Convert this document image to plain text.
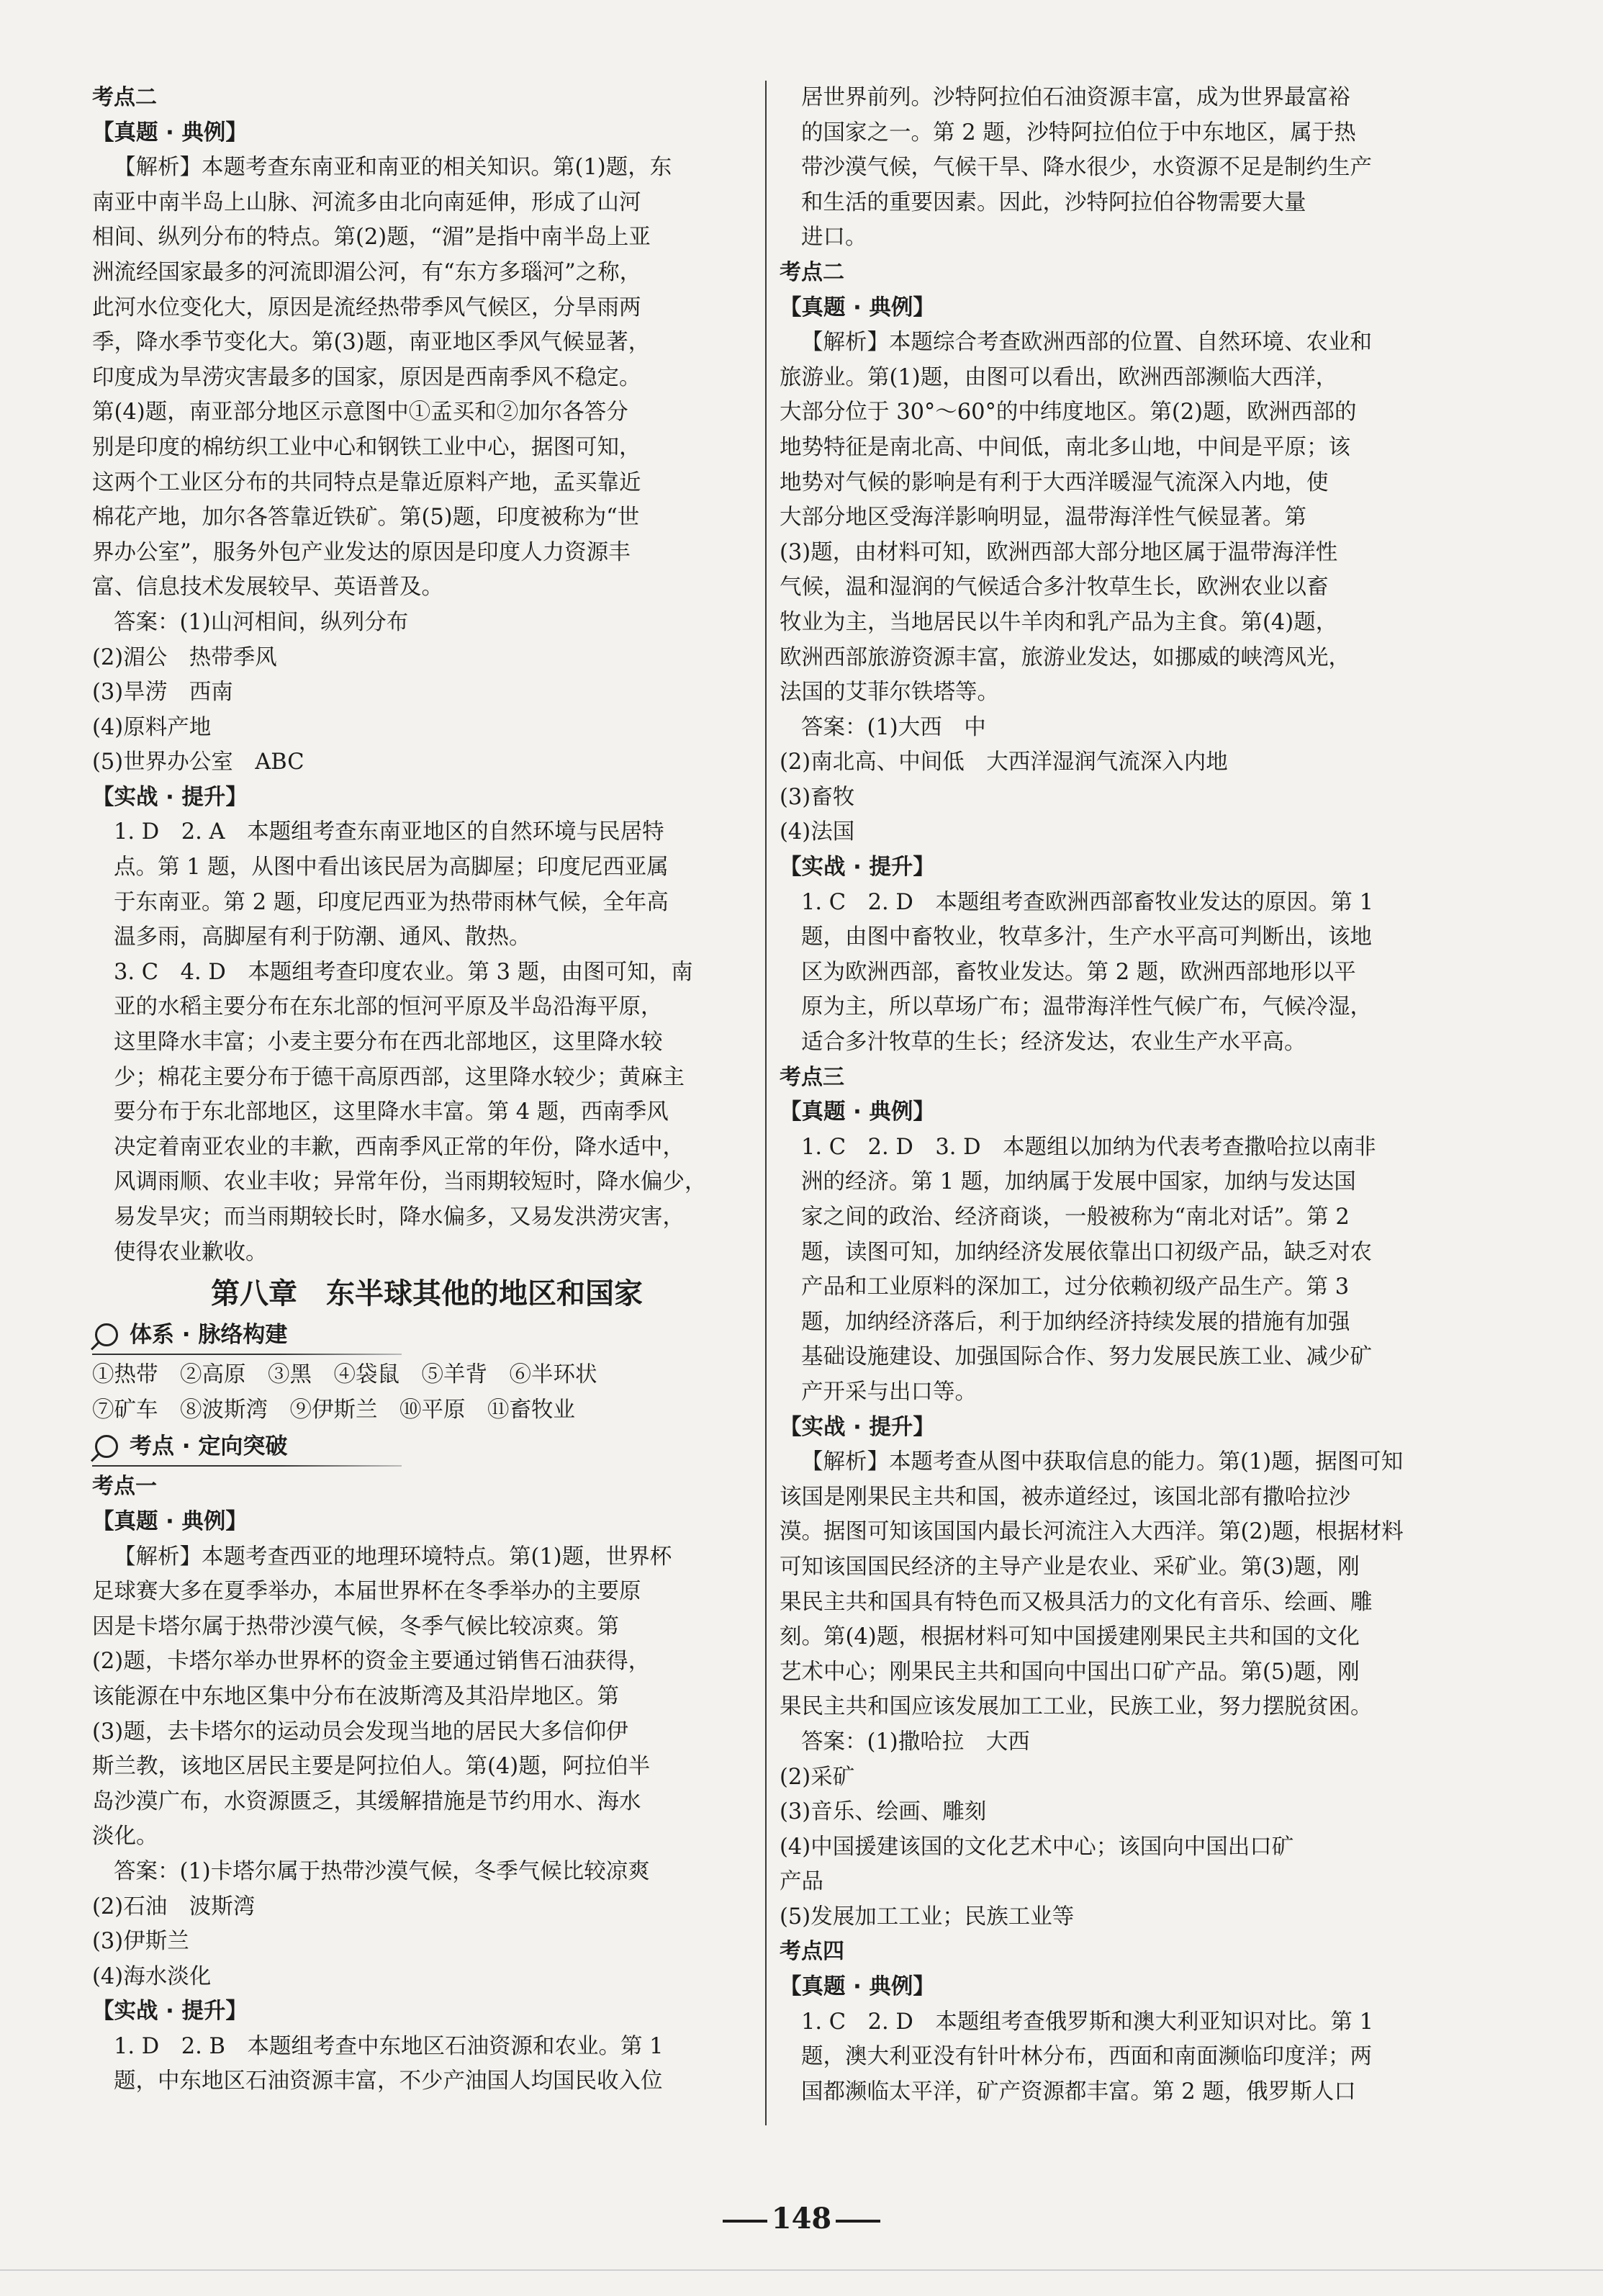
考点二
【真题 · 典例】
【解析】本题考查东南亚和南亚的相关知识。第(1)题，东
南亚中南半岛上山脉、河流多由北向南延伸，形成了山河
相间、纵列分布的特点。第(2)题，“湄”是指中南半岛上亚
洲流经国家最多的河流即湄公河，有“东方多瑙河”之称，
此河水位变化大，原因是流经热带季风气候区，分旱雨两
季，降水季节变化大。第(3)题，南亚地区季风气候显著，
印度成为旱涝灾害最多的国家，原因是西南季风不稳定。
第(4)题，南亚部分地区示意图中①孟买和②加尔各答分
别是印度的棉纺织工业中心和钢铁工业中心，据图可知，
这两个工业区分布的共同特点是靠近原料产地，孟买靠近
棉花产地，加尔各答靠近铁矿。第(5)题，印度被称为“世
界办公室”，服务外包产业发达的原因是印度人力资源丰
富、信息技术发展较早、英语普及。
答案：(1)山河相间，纵列分布
(2)湄公　热带季风
(3)旱涝　西南
(4)原料产地
(5)世界办公室　ABC
【实战 · 提升】
1. D　2. A　本题组考查东南亚地区的自然环境与民居特
点。第 1 题，从图中看出该民居为高脚屋；印度尼西亚属
于东南亚。第 2 题，印度尼西亚为热带雨林气候，全年高
温多雨，高脚屋有利于防潮、通风、散热。
3. C　4. D　本题组考查印度农业。第 3 题，由图可知，南
亚的水稻主要分布在东北部的恒河平原及半岛沿海平原，
这里降水丰富；小麦主要分布在西北部地区，这里降水较
少；棉花主要分布于德干高原西部，这里降水较少；黄麻主
要分布于东北部地区，这里降水丰富。第 4 题，西南季风
决定着南亚农业的丰歉，西南季风正常的年份，降水适中，
风调雨顺、农业丰收；异常年份，当雨期较短时，降水偏少，
易发旱灾；而当雨期较长时，降水偏多，又易发洪涝灾害，
使得农业歉收。
第八章　东半球其他的地区和国家
体系 · 脉络构建
①热带　②高原　③黑　④袋鼠　⑤羊背　⑥半环状
⑦矿车　⑧波斯湾　⑨伊斯兰　⑩平原　⑪畜牧业
考点 · 定向突破
考点一
【真题 · 典例】
【解析】本题考查西亚的地理环境特点。第(1)题，世界杯
足球赛大多在夏季举办，本届世界杯在冬季举办的主要原
因是卡塔尔属于热带沙漠气候，冬季气候比较凉爽。第
(2)题，卡塔尔举办世界杯的资金主要通过销售石油获得，
该能源在中东地区集中分布在波斯湾及其沿岸地区。第
(3)题，去卡塔尔的运动员会发现当地的居民大多信仰伊
斯兰教，该地区居民主要是阿拉伯人。第(4)题，阿拉伯半
岛沙漠广布，水资源匮乏，其缓解措施是节约用水、海水
淡化。
答案：(1)卡塔尔属于热带沙漠气候，冬季气候比较凉爽
(2)石油　波斯湾
(3)伊斯兰
(4)海水淡化
【实战 · 提升】
1. D　2. B　本题组考查中东地区石油资源和农业。第 1
题，中东地区石油资源丰富，不少产油国人均国民收入位
居世界前列。沙特阿拉伯石油资源丰富，成为世界最富裕
的国家之一。第 2 题，沙特阿拉伯位于中东地区，属于热
带沙漠气候，气候干旱、降水很少，水资源不足是制约生产
和生活的重要因素。因此，沙特阿拉伯谷物需要大量
进口。
考点二
【真题 · 典例】
【解析】本题综合考查欧洲西部的位置、自然环境、农业和
旅游业。第(1)题，由图可以看出，欧洲西部濒临大西洋，
大部分位于 30°～60°的中纬度地区。第(2)题，欧洲西部的
地势特征是南北高、中间低，南北多山地，中间是平原；该
地势对气候的影响是有利于大西洋暖湿气流深入内地，使
大部分地区受海洋影响明显，温带海洋性气候显著。第
(3)题，由材料可知，欧洲西部大部分地区属于温带海洋性
气候，温和湿润的气候适合多汁牧草生长，欧洲农业以畜
牧业为主，当地居民以牛羊肉和乳产品为主食。第(4)题，
欧洲西部旅游资源丰富，旅游业发达，如挪威的峡湾风光，
法国的艾菲尔铁塔等。
答案：(1)大西　中
(2)南北高、中间低　大西洋湿润气流深入内地
(3)畜牧
(4)法国
【实战 · 提升】
1. C　2. D　本题组考查欧洲西部畜牧业发达的原因。第 1
题，由图中畜牧业，牧草多汁，生产水平高可判断出，该地
区为欧洲西部，畜牧业发达。第 2 题，欧洲西部地形以平
原为主，所以草场广布；温带海洋性气候广布，气候冷湿，
适合多汁牧草的生长；经济发达，农业生产水平高。
考点三
【真题 · 典例】
1. C　2. D　3. D　本题组以加纳为代表考查撒哈拉以南非
洲的经济。第 1 题，加纳属于发展中国家，加纳与发达国
家之间的政治、经济商谈，一般被称为“南北对话”。第 2
题，读图可知，加纳经济发展依靠出口初级产品，缺乏对农
产品和工业原料的深加工，过分依赖初级产品生产。第 3
题，加纳经济落后，利于加纳经济持续发展的措施有加强
基础设施建设、加强国际合作、努力发展民族工业、减少矿
产开采与出口等。
【实战 · 提升】
【解析】本题考查从图中获取信息的能力。第(1)题，据图可知
该国是刚果民主共和国，被赤道经过，该国北部有撒哈拉沙
漠。据图可知该国国内最长河流注入大西洋。第(2)题，根据材料
可知该国国民经济的主导产业是农业、采矿业。第(3)题，刚
果民主共和国具有特色而又极具活力的文化有音乐、绘画、雕
刻。第(4)题，根据材料可知中国援建刚果民主共和国的文化
艺术中心；刚果民主共和国向中国出口矿产品。第(5)题，刚
果民主共和国应该发展加工工业，民族工业，努力摆脱贫困。
答案：(1)撒哈拉　大西
(2)采矿
(3)音乐、绘画、雕刻
(4)中国援建该国的文化艺术中心；该国向中国出口矿
产品
(5)发展加工工业；民族工业等
考点四
【真题 · 典例】
1. C　2. D　本题组考查俄罗斯和澳大利亚知识对比。第 1
题，澳大利亚没有针叶林分布，西面和南面濒临印度洋；两
国都濒临太平洋，矿产资源都丰富。第 2 题，俄罗斯人口
148
